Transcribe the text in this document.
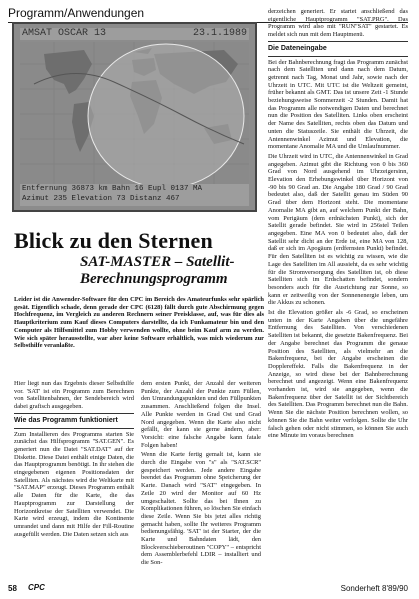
Programm/Anwendungen
AMSAT OSCAR 13	23.1.1989
Entfernung 36873 km Bahn 16 Eupl 0137 MA
Azimut 235 Elevation 73 Distanz 467
Blick zu den Sternen
SAT-MASTER – Satellit-Berechnungsprogramm
Leider ist die Anwender-Software für den CPC im Bereich des Amateurfunks sehr spärlich gesät. Eigentlich schade, denn gerade der CPC (6128) fällt durch gute Abschirmung gegen Hochfrequenz, im Vergleich zu anderen Rechnern seiner Preisklasse, auf, was für dies als Hauptkriterium zum Kauf dieses Computers darstellte, da ich Funkamateur bin und den Computer als Hilfsmittel zum Hobby verwenden wollte, ohne beim Kauf arm zu werden. Wie sich später herausstellte, war aber keine Software erhältlich, was mich wiederum zur Selbsthilfe veranlaßte.

Hier liegt nun das Ergebnis dieser Selbsthilfe vor. 'SAT' ist ein Programm zum Berechnen von Satellitenbahnen, der Sendebereich wird dabei grafisch ausgegeben.

Wie das Programm funktioniert

Zum Installieren des Programms starten Sie zunächst das Hilfsprogramm "SAT.GEN". Es generiert nun die Datei "SAT.DAT" auf der Diskette. Diese Datei enthält einige Daten, die das Hauptprogramm benötigt. In ihr stehen die eingegebenen eigenen Positionsdaten der Satelliten. Als nächstes wird die Weltkarte mit "SAT.MAP" erzeugt. Dieses Programm enthält alle Daten für die Karte, die das Hauptprogramm zur Darstellung der Horizontkreise der Satelliten verwendet. Die Karte wird erzeugt, indem die Kontinente umrandet und dann mit Hilfe der Fill-Routine ausgefüllt werden. Die Daten setzen sich aus

dem ersten Punkt, der Anzahl der weiteren Punkte, der Anzahl der Punkte zum Füllen, den Umrandungspunkten und den Füllpunkten zusammen. Anschließend folgen die Insel. Alle Punkte werden in Grad Ost und Grad Nord angegeben. Wenn die Karte also nicht gefällt, der kann sie gerne ändern, aber: Vorsicht: eine falsche Angabe kann fatale Folgen haben!

Wenn die Karte fertig gemalt ist, kann sie durch die Eingabe von "s" als "SAT.SCR" gespeichert werden. Jede andere Eingabe beendet das Programm ohne Speicherung der Karte. Danach wird "SAT" eingegeben. In Zeile 20 wird der Monitor auf 60 Hz umgeschaltet. Sollte das bei Ihnen zu Komplikationen führen, so löschen Sie einfach diese Zeile. Wenn Sie bis jetzt alles richtig gemacht haben, sollte Ihr weiteres Programm bedienungsfähig. 'SAT' ist der Starter, der die Karte und Bahndaten lädt, den Blockverschieberoutinen "COPY" – entspricht dem Assemblerbefehl LDIR – installiert und die Son-

derzeichen generiert. Er startet anschließend das eigentliche Hauptprogramm "SAT.PRG". Das Programm wird also mit "RUN"SAT" gestartet. Es meldet sich nun mit dem Hauptmenü.

Die Dateneingabe

Bei der Bahnberechnung fragt das Programm zunächst nach dem Satelliten und dann nach dem Datum, getrennt nach Tag, Monat und Jahr, sowie nach der Uhrzeit in UTC. Mit UTC ist die Weltzeit gemeint, früher bekannt als GMT. Das ist unsere Zeit -1 Stunde beziehungsweise Sommerzeit -2 Stunden. Damit hat das Programm alle notwendigen Daten und berechnet nun die Position des Satelliten. Links oben erscheint der Name des Satelliten, rechts oben das Datum und unten die Statuszeile. Sie enthält die Uhrzeit, die Antennenwinkel Azimut und Elevation, die momentane Anomalie MA und die Umlaufnummer.

Die Uhrzeit wird in UTC, die Antennenwinkel in Grad angegeben. Azimut gibt die Richtung von 0 bis 360 Grad von Nord ausgehend im Uhrzeigersinn, Elevation den Erhebungswinkel über Horizont von -90 bis 90 Grad an. Die Angabe 180 Grad / 90 Grad bedeutet also, daß der Satellit genau im Süden 90 Grad über dem Horizont steht. Die momentane Anomalie MA gibt an, auf welchem Punkt der Bahn, vom Perigäum (dem erdnächsten Punkt), sich der Satellit gerade befindet. Sie wird in 256stel Teilen angegeben. Eine MA von 0 bedeutet also, daß der Satellit sehr dicht an der Erde ist, eine MA von 128, daß er sich im Apogäum (erdfernsten Punkt) befindet. Für den Satelliten ist es wichtig zu wissen, wie die Lage des Satelliten im All aussieht, da es sehr wichtig für die Stromversorgung des Satelliten ist, ob diese Satelliten sich im Erdschatten befindet, sondern besonders auch für die Ausrichtung zur Sonne, so kann er zeitweilig von der Sonnenenergie leben, um die Akkus zu schonen.

Ist die Elevation größer als -6 Grad, so erscheinen unten in der Karte Angaben über die ungefähre Entfernung des Satelliten. Von verschiedenen Satelliten ist bekannt, die gesetzte Bakenfrequenz. Bei der Angabe berechnet das Programm die genaue Position des Satelliten, als vielmehr an die Bakenfrequenz, bei der Angabe erscheinen die Dopplereffekt. Falls die Bakenfrequenz in der Anzeige, so wird diese bei der Bahnberechnung berechnet und angezeigt. Wenn eine Bakenfrequenz vorhanden ist, wird sie angegeben, wenn die Bakenfrequenz über der Satellit ist der Sichtbereich des Satelliten. Das Programm berechnet nun die Bahn. Wenn Sie die nächste Position berechnen wollen, so können Sie die Bahn weiter verfolgen. Sollte die Uhr falsch gehen oder nicht stimmen, so können Sie auch eine Minute im voraus berechnen

58 CPC	Sonderheft 8'89/90
